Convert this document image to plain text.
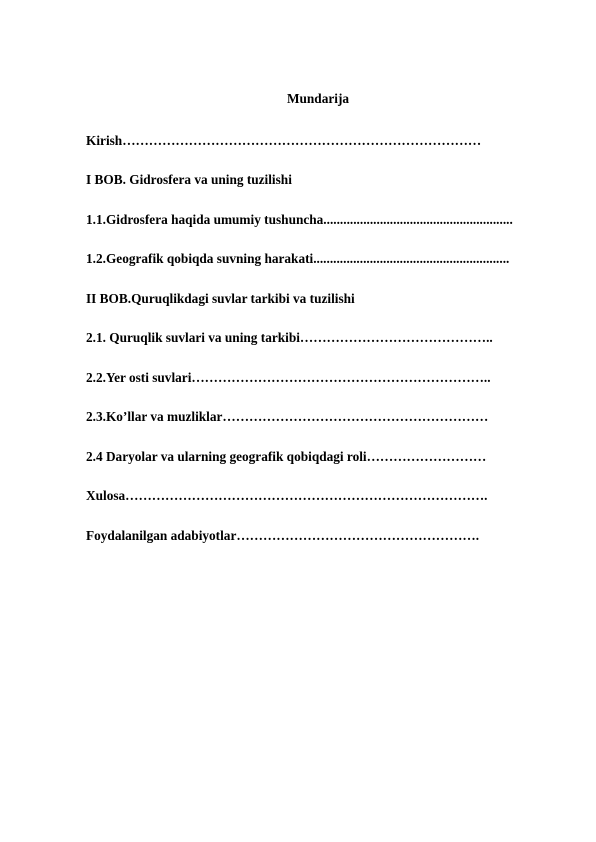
Mundarija
Kirish………………………………………………………………………
I BOB. Gidrosfera va uning tuzilishi
1.1.Gidrosfera haqida umumiy tushuncha.........................................................
1.2.Geografik qobiqda suvning harakati...........................................................
II BOB.Quruqlikdagi suvlar tarkibi va tuzilishi
2.1. Quruqlik suvlari va uning tarkibi……………………………………..
2.2.Yer osti suvlari…………………………………………………………..
2.3.Ko’llar va muzliklar……………………………………………………
2.4 Daryolar va ularning geografik qobiqdagi roli………………………
Xulosa……………………………………………………………………….
Foydalanilgan adabiyotlar……………………………………………….
